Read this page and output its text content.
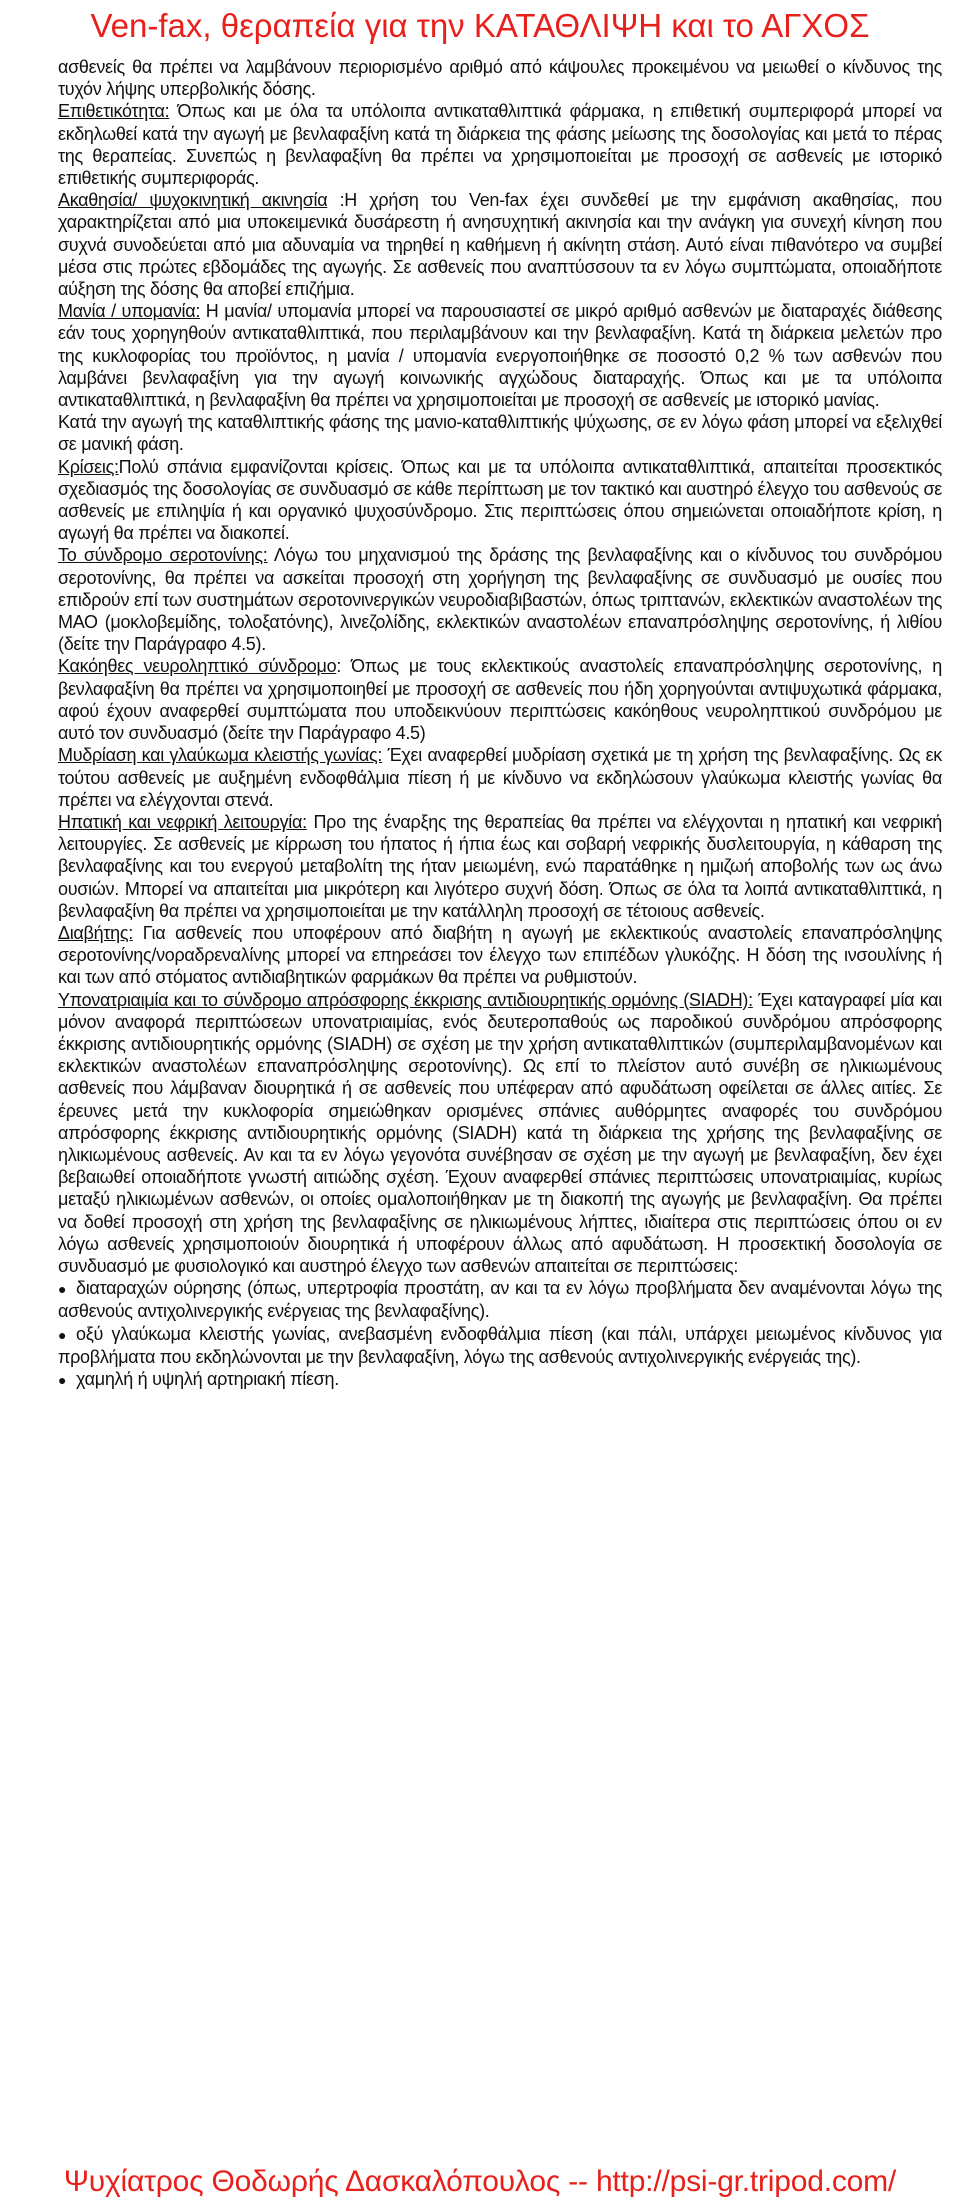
Ven-fax, θεραπεία για την ΚΑΤΑΘΛΙΨΗ και το ΑΓΧΟΣ

ασθενείς θα πρέπει να λαμβάνουν περιορισμένο αριθμό από κάψουλες προκειμένου να μειωθεί ο κίνδυνος της τυχόν λήψης υπερβολικής δόσης.

Επιθετικότητα: Όπως και με όλα τα υπόλοιπα αντικαταθλιπτικά φάρμακα, η επιθετική συμπεριφορά μπορεί να εκδηλωθεί κατά την αγωγή με βενλαφαξίνη κατά τη διάρκεια της φάσης μείωσης της δοσολογίας και μετά το πέρας της θεραπείας. Συνεπώς η βενλαφαξίνη θα πρέπει να χρησιμοποιείται με προσοχή σε ασθενείς με ιστορικό επιθετικής συμπεριφοράς.

Ακαθησία/ ψυχοκινητική ακινησία :Η χρήση του Ven-fax έχει συνδεθεί με την εμφάνιση ακαθησίας, που χαρακτηρίζεται από μια υποκειμενικά δυσάρεστη ή ανησυχητική ακινησία και την ανάγκη για συνεχή κίνηση που συχνά συνοδεύεται από μια αδυναμία να τηρηθεί η καθήμενη ή ακίνητη στάση. Αυτό είναι πιθανότερο να συμβεί μέσα στις πρώτες εβδομάδες της αγωγής. Σε ασθενείς που αναπτύσσουν τα εν λόγω συμπτώματα, οποιαδήποτε αύξηση της δόσης θα αποβεί επιζήμια.

Μανία / υπομανία: Η μανία/ υπομανία μπορεί να παρουσιαστεί σε μικρό αριθμό ασθενών με διαταραχές διάθεσης εάν τους χορηγηθούν αντικαταθλιπτικά, που περιλαμβάνουν και την βενλαφαξίνη. Κατά τη διάρκεια μελετών προ της κυκλοφορίας του προϊόντος, η μανία / υπομανία ενεργοποιήθηκε σε ποσοστό 0,2 % των ασθενών που λαμβάνει βενλαφαξίνη για την αγωγή κοινωνικής αγχώδους διαταραχής. Όπως και με τα υπόλοιπα αντικαταθλιπτικά, η βενλαφαξίνη θα πρέπει να χρησιμοποιείται με προσοχή σε ασθενείς με ιστορικό μανίας.

Κατά την αγωγή της καταθλιπτικής φάσης της μανιο-καταθλιπτικής ψύχωσης, σε εν λόγω φάση μπορεί να εξελιχθεί σε μανική φάση.

Κρίσεις:Πολύ σπάνια εμφανίζονται κρίσεις. Όπως και με τα υπόλοιπα αντικαταθλιπτικά, απαιτείται προσεκτικός σχεδιασμός της δοσολογίας σε συνδυασμό σε κάθε περίπτωση με τον τακτικό και αυστηρό έλεγχο του ασθενούς σε ασθενείς με επιληψία ή και οργανικό ψυχοσύνδρομο. Στις περιπτώσεις όπου σημειώνεται οποιαδήποτε κρίση, η αγωγή θα πρέπει να διακοπεί.

Το σύνδρομο σεροτονίνης: Λόγω του μηχανισμού της δράσης της βενλαφαξίνης και ο κίνδυνος του συνδρόμου σεροτονίνης, θα πρέπει να ασκείται προσοχή στη χορήγηση της βενλαφαξίνης σε συνδυασμό με ουσίες που επιδρούν επί των συστημάτων σεροτονινεργικών νευροδιαβιβαστών, όπως τριπτανών, εκλεκτικών αναστολέων της ΜΑΟ (μοκλοβεμίδης, τολοξατόνης), λινεζολίδης, εκλεκτικών αναστολέων επαναπρόσληψης σεροτονίνης, ή λιθίου (δείτε την Παράγραφο 4.5).

Κακόηθες νευροληπτικό σύνδρομο: Όπως με τους εκλεκτικούς αναστολείς επαναπρόσληψης σεροτονίνης, η βενλαφαξίνη θα πρέπει να χρησιμοποιηθεί με προσοχή σε ασθενείς που ήδη χορηγούνται αντιψυχωτικά φάρμακα, αφού έχουν αναφερθεί συμπτώματα που υποδεικνύουν περιπτώσεις κακόηθους νευροληπτικού συνδρόμου με αυτό τον συνδυασμό (δείτε την Παράγραφο 4.5)

Μυδρίαση και γλαύκωμα κλειστής γωνίας: Έχει αναφερθεί μυδρίαση σχετικά με τη χρήση της βενλαφαξίνης. Ως εκ τούτου ασθενείς με αυξημένη ενδοφθάλμια πίεση ή με κίνδυνο να εκδηλώσουν γλαύκωμα κλειστής γωνίας θα πρέπει να ελέγχονται στενά.

Ηπατική και νεφρική λειτουργία: Προ της έναρξης της θεραπείας θα πρέπει να ελέγχονται η ηπατική και νεφρική λειτουργίες. Σε ασθενείς με κίρρωση του ήπατος ή ήπια έως και σοβαρή νεφρικής δυσλειτουργία, η κάθαρση της βενλαφαξίνης και του ενεργού μεταβολίτη της ήταν μειωμένη, ενώ παρατάθηκε η ημιζωή αποβολής των ως άνω ουσιών. Μπορεί να απαιτείται μια μικρότερη και λιγότερο συχνή δόση. Όπως σε όλα τα λοιπά αντικαταθλιπτικά, η βενλαφαξίνη θα πρέπει να χρησιμοποιείται με την κατάλληλη προσοχή σε τέτοιους ασθενείς.

Διαβήτης: Για ασθενείς που υποφέρουν από διαβήτη η αγωγή με εκλεκτικούς αναστολείς επαναπρόσληψης σεροτονίνης/νοραδρεναλίνης μπορεί να επηρεάσει τον έλεγχο των επιπέδων γλυκόζης. Η δόση της ινσουλίνης ή και των από στόματος αντιδιαβητικών φαρμάκων θα πρέπει να ρυθμιστούν.

Υπονατριαιμία και το σύνδρομο απρόσφορης έκκρισης αντιδιουρητικής ορμόνης (SIADH): Έχει καταγραφεί μία και μόνον αναφορά περιπτώσεων υπονατριαιμίας, ενός δευτεροπαθούς ως παροδικού συνδρόμου απρόσφορης έκκρισης αντιδιουρητικής ορμόνης (SIADH) σε σχέση με την χρήση αντικαταθλιπτικών (συμπεριλαμβανομένων και εκλεκτικών αναστολέων επαναπρόσληψης σεροτονίνης). Ως επί το πλείστον αυτό συνέβη σε ηλικιωμένους ασθενείς που λάμβαναν διουρητικά ή σε ασθενείς που υπέφεραν από αφυδάτωση οφείλεται σε άλλες αιτίες. Σε έρευνες μετά την κυκλοφορία σημειώθηκαν ορισμένες σπάνιες αυθόρμητες αναφορές του συνδρόμου απρόσφορης έκκρισης αντιδιουρητικής ορμόνης (SIADH) κατά τη διάρκεια της χρήσης της βενλαφαξίνης σε ηλικιωμένους ασθενείς. Αν και τα εν λόγω γεγονότα συνέβησαν σε σχέση με την αγωγή με βενλαφαξίνη, δεν έχει βεβαιωθεί οποιαδήποτε γνωστή αιτιώδης σχέση. Έχουν αναφερθεί σπάνιες περιπτώσεις υπονατριαιμίας, κυρίως μεταξύ ηλικιωμένων ασθενών, οι οποίες ομαλοποιήθηκαν με τη διακοπή της αγωγής με βενλαφαξίνη. Θα πρέπει να δοθεί προσοχή στη χρήση της βενλαφαξίνης σε ηλικιωμένους λήπτες, ιδιαίτερα στις περιπτώσεις όπου οι εν λόγω ασθενείς χρησιμοποιούν διουρητικά ή υποφέρουν άλλως από αφυδάτωση. Η προσεκτική δοσολογία σε συνδυασμό με φυσιολογικό και αυστηρό έλεγχο των ασθενών απαιτείται σε περιπτώσεις:

● διαταραχών ούρησης (όπως, υπερτροφία προστάτη, αν και τα εν λόγω προβλήματα δεν αναμένονται λόγω της ασθενούς αντιχολινεργικής ενέργειας της βενλαφαξίνης).
● οξύ γλαύκωμα κλειστής γωνίας, ανεβασμένη ενδοφθάλμια πίεση (και πάλι, υπάρχει μειωμένος κίνδυνος για προβλήματα που εκδηλώνονται με την βενλαφαξίνη, λόγω της ασθενούς αντιχολινεργικής ενέργειάς της).
● χαμηλή ή υψηλή αρτηριακή πίεση.
Ψυχίατρος Θοδωρής Δασκαλόπουλος -- http://psi-gr.tripod.com/
